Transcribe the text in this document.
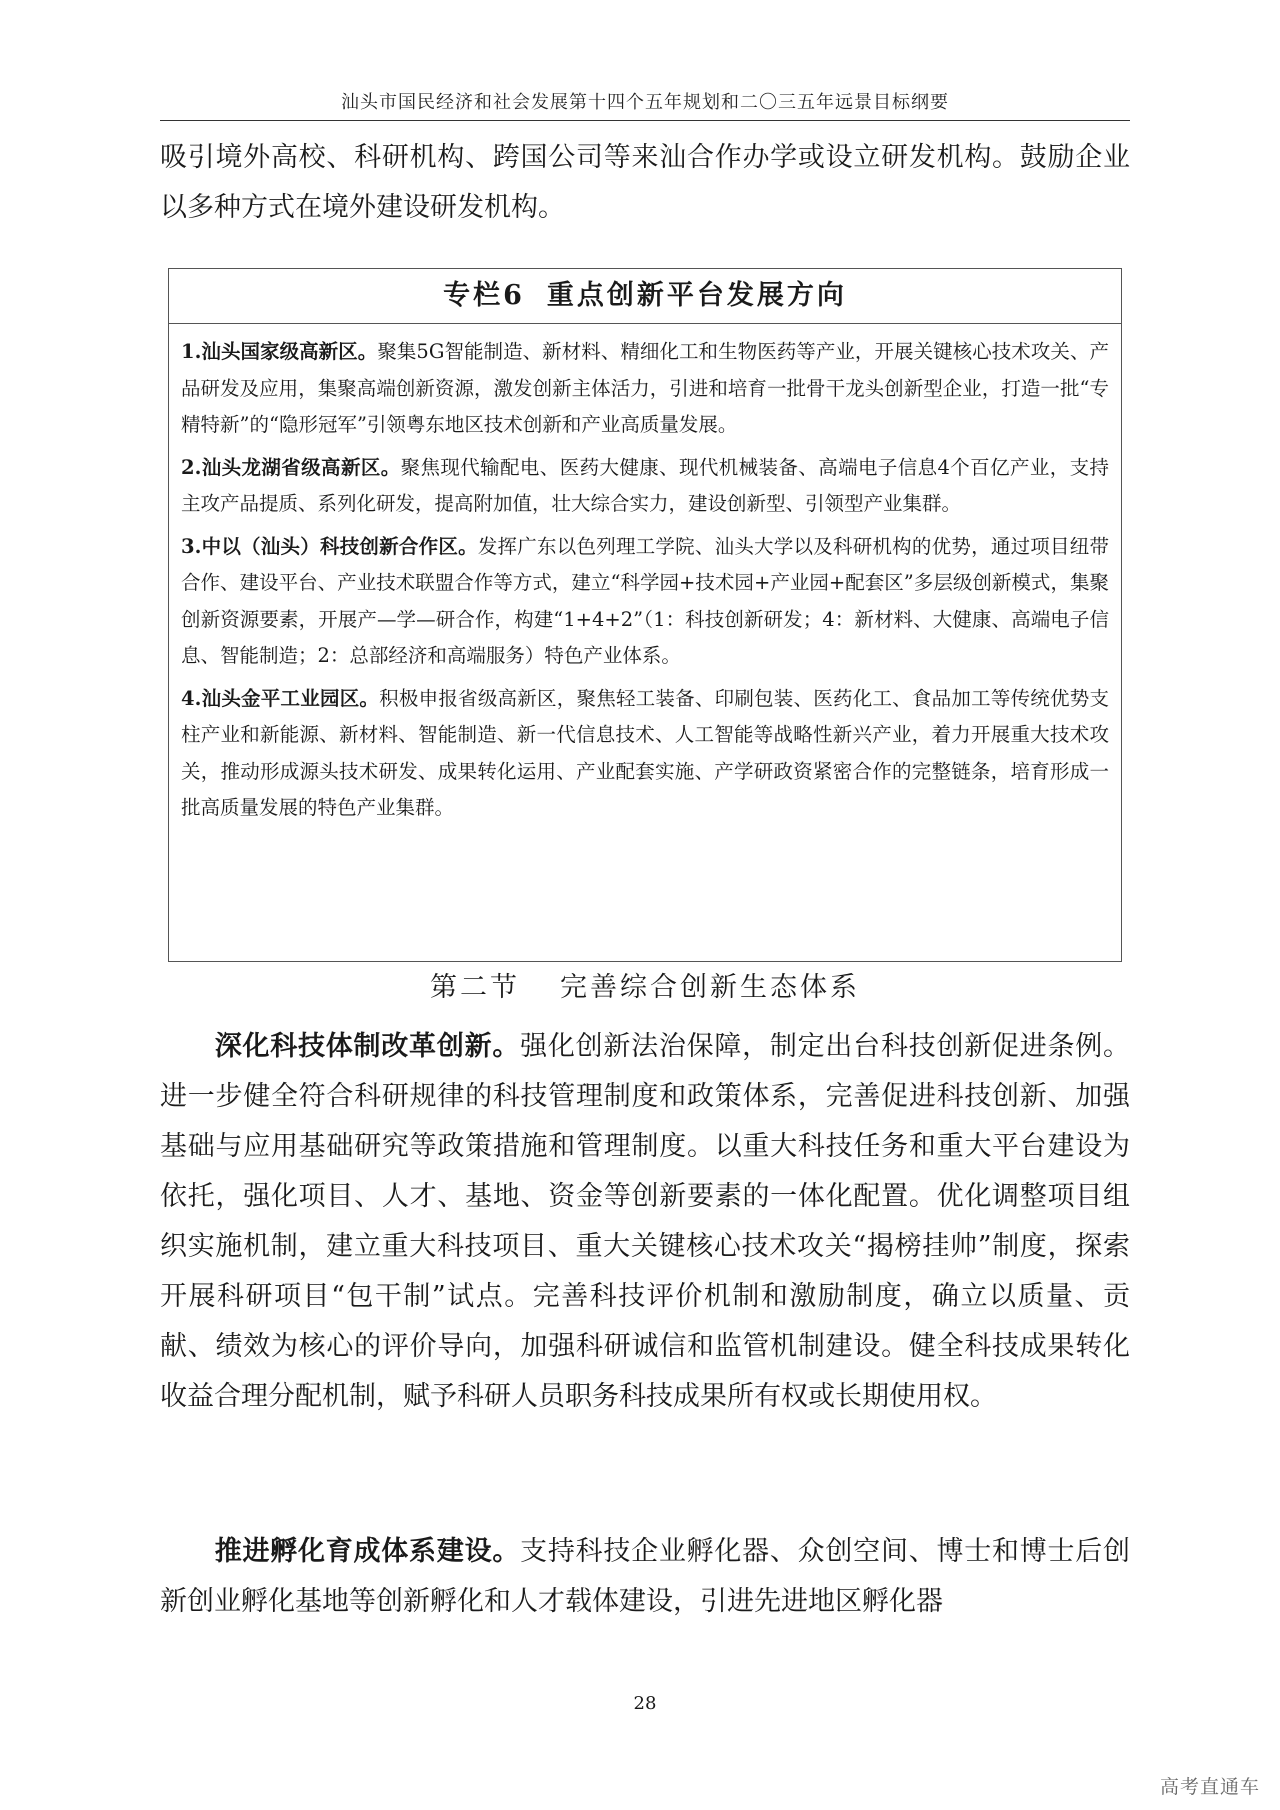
汕头市国民经济和社会发展第十四个五年规划和二〇三五年远景目标纲要

吸引境外高校、科研机构、跨国公司等来汕合作办学或设立研发机构。鼓励企业以多种方式在境外建设研发机构。

专栏6 重点创新平台发展方向

1.汕头国家级高新区。聚集5G智能制造、新材料、精细化工和生物医药等产业，开展关键核心技术攻关、产品研发及应用，集聚高端创新资源，激发创新主体活力，引进和培育一批骨干龙头创新型企业，打造一批“专精特新”的“隐形冠军”引领粤东地区技术创新和产业高质量发展。

2.汕头龙湖省级高新区。聚焦现代输配电、医药大健康、现代机械装备、高端电子信息4个百亿产业，支持主攻产品提质、系列化研发，提高附加值，壮大综合实力，建设创新型、引领型产业集群。

3.中以（汕头）科技创新合作区。发挥广东以色列理工学院、汕头大学以及科研机构的优势，通过项目纽带合作、建设平台、产业技术联盟合作等方式，建立“科学园+技术园+产业园+配套区”多层级创新模式，集聚创新资源要素，开展产—学—研合作，构建“1+4+2”（1：科技创新研发；4：新材料、大健康、高端电子信息、智能制造；2：总部经济和高端服务）特色产业体系。

4.汕头金平工业园区。积极申报省级高新区，聚焦轻工装备、印刷包装、医药化工、食品加工等传统优势支柱产业和新能源、新材料、智能制造、新一代信息技术、人工智能等战略性新兴产业，着力开展重大技术攻关，推动形成源头技术研发、成果转化运用、产业配套实施、产学研政资紧密合作的完整链条，培育形成一批高质量发展的特色产业集群。

第二节 完善综合创新生态体系

深化科技体制改革创新。强化创新法治保障，制定出台科技创新促进条例。进一步健全符合科研规律的科技管理制度和政策体系，完善促进科技创新、加强基础与应用基础研究等政策措施和管理制度。以重大科技任务和重大平台建设为依托，强化项目、人才、基地、资金等创新要素的一体化配置。优化调整项目组织实施机制，建立重大科技项目、重大关键核心技术攻关“揭榜挂帅”制度，探索开展科研项目“包干制”试点。完善科技评价机制和激励制度，确立以质量、贡献、绩效为核心的评价导向，加强科研诚信和监管机制建设。健全科技成果转化收益合理分配机制，赋予科研人员职务科技成果所有权或长期使用权。

推进孵化育成体系建设。支持科技企业孵化器、众创空间、博士和博士后创新创业孵化基地等创新孵化和人才载体建设，引进先进地区孵化器

28
高考直通车
